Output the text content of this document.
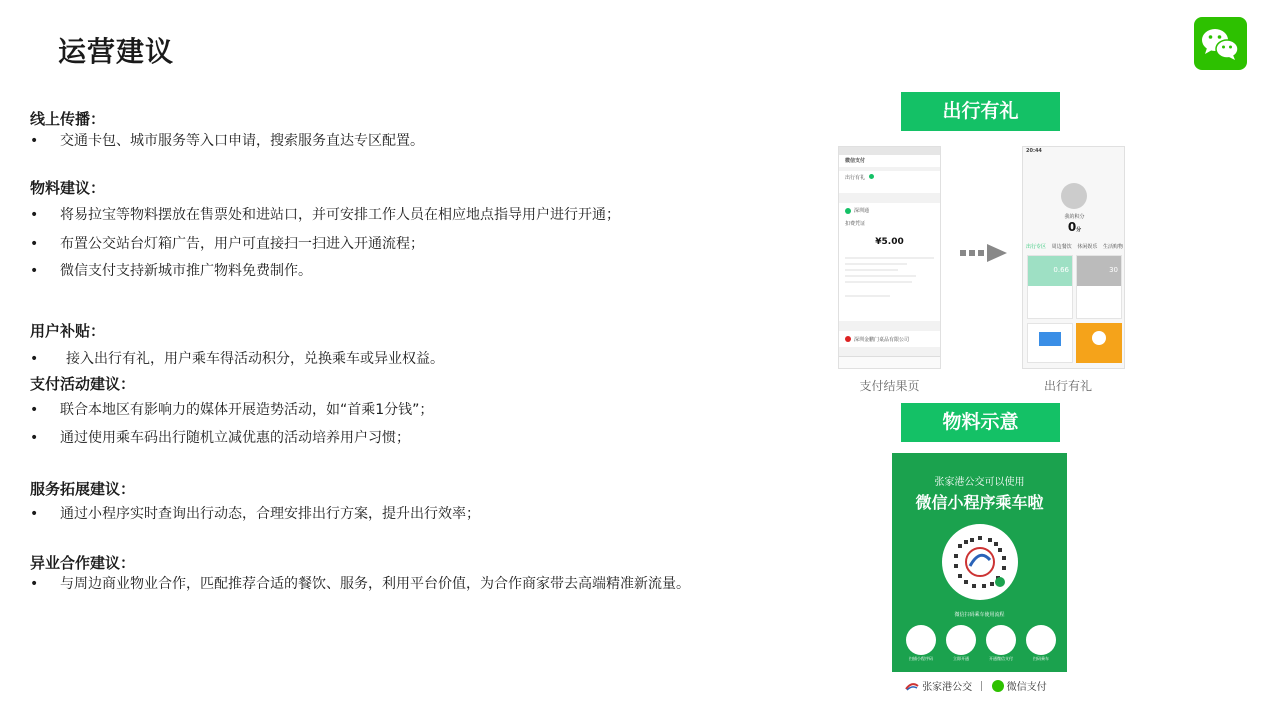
运营建议
线上传播：
• 交通卡包、城市服务等入口申请，搜索服务直达专区配置。
物料建议：
• 将易拉宝等物料摆放在售票处和进站口，并可安排工作人员在相应地点指导用户进行开通；
• 布置公交站台灯箱广告，用户可直接扫一扫进入开通流程；
• 微信支付支持新城市推广物料免费制作。
用户补贴：
• 接入出行有礼，用户乘车得活动积分，兑换乘车或异业权益。
支付活动建议：
• 联合本地区有影响力的媒体开展造势活动，如“首乘1分钱”；
• 通过使用乘车码出行随机立减优惠的活动培养用户习惯；
服务拓展建议：
• 通过小程序实时查询出行动态，合理安排出行方案，提升出行效率；
异业合作建议：
• 与周边商业物业合作，匹配推荐合适的餐饮、服务，利用平台价值，为合作商家带去高端精准新流量。
出行有礼
微信支付
出行有礼
深圳通
扣费凭证
¥5.00
深圳金鹏门桌品有限公司
支付结果页
20:44
我的积分
0分
出行专区 周边餐饮 休闲娱乐 生活购物
0.66	30
出行有礼
物料示意
张家港公交可以使用
微信小程序乘车啦
微信扫码乘车使用流程
扫描小程序码	立即开通	开通微信支付	扫码乘车
张家港公交	微信支付
